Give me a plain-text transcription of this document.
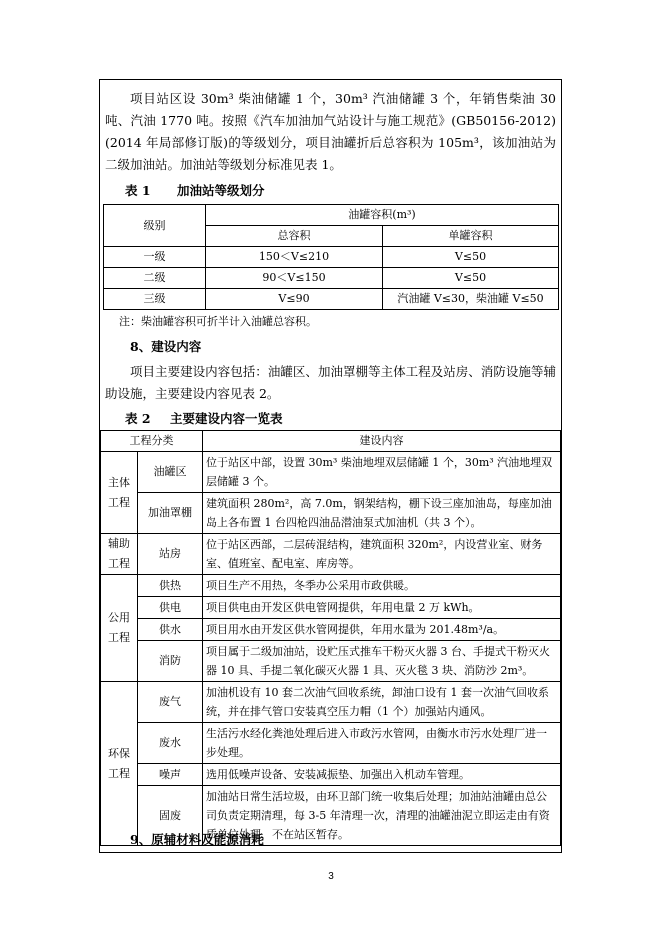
项目站区设 30m³ 柴油储罐 1 个，30m³ 汽油储罐 3 个，年销售柴油 30 吨、汽油 1770 吨。按照《汽车加油加气站设计与施工规范》(GB50156-2012)(2014 年局部修订版)的等级划分，项目油罐折后总容积为 105m³，该加油站为二级加油站。加油站等级划分标准见表 1。

表 1 加油站等级划分

级别	油罐容积(m³)	
	总容积	单罐容积
一级	150＜V≤210	V≤50
二级	90＜V≤150	V≤50
三级	V≤90	汽油罐 V≤30，柴油罐 V≤50

注：柴油罐容积可折半计入油罐总容积。

8、建设内容

项目主要建设内容包括：油罐区、加油罩棚等主体工程及站房、消防设施等辅助设施，主要建设内容见表 2。

表 2 主要建设内容一览表

工程分类		建设内容
主体工程	油罐区	位于站区中部，设置 30m³ 柴油地埋双层储罐 1 个，30m³ 汽油地埋双层储罐 3 个。
	加油罩棚	建筑面积 280m²，高 7.0m，钢架结构，棚下设三座加油岛，每座加油岛上各布置 1 台四枪四油品潜油泵式加油机（共 3 个）。
辅助工程	站房	位于站区西部，二层砖混结构，建筑面积 320m²，内设营业室、财务室、值班室、配电室、库房等。
公用工程	供热	项目生产不用热，冬季办公采用市政供暖。
	供电	项目供电由开发区供电管网提供，年用电量 2 万 kWh。
	供水	项目用水由开发区供水管网提供，年用水量为 201.48m³/a。
	消防	项目属于二级加油站，设贮压式推车干粉灭火器 3 台、手提式干粉灭火器 10 具、手提二氧化碳灭火器 1 具、灭火毯 3 块、消防沙 2m³。
环保工程	废气	加油机设有 10 套二次油气回收系统，卸油口设有 1 套一次油气回收系统，并在排气管口安装真空压力帽（1 个）加强站内通风。
	废水	生活污水经化粪池处理后进入市政污水管网，由衡水市污水处理厂进一步处理。
	噪声	选用低噪声设备、安装减振垫、加强出入机动车管理。
	固废	加油站日常生活垃圾，由环卫部门统一收集后处理；加油站油罐由总公司负责定期清理，每 3-5 年清理一次，清理的油罐油泥立即运走由有资质单位处理，不在站区暂存。

9、原辅材料及能源消耗

3
